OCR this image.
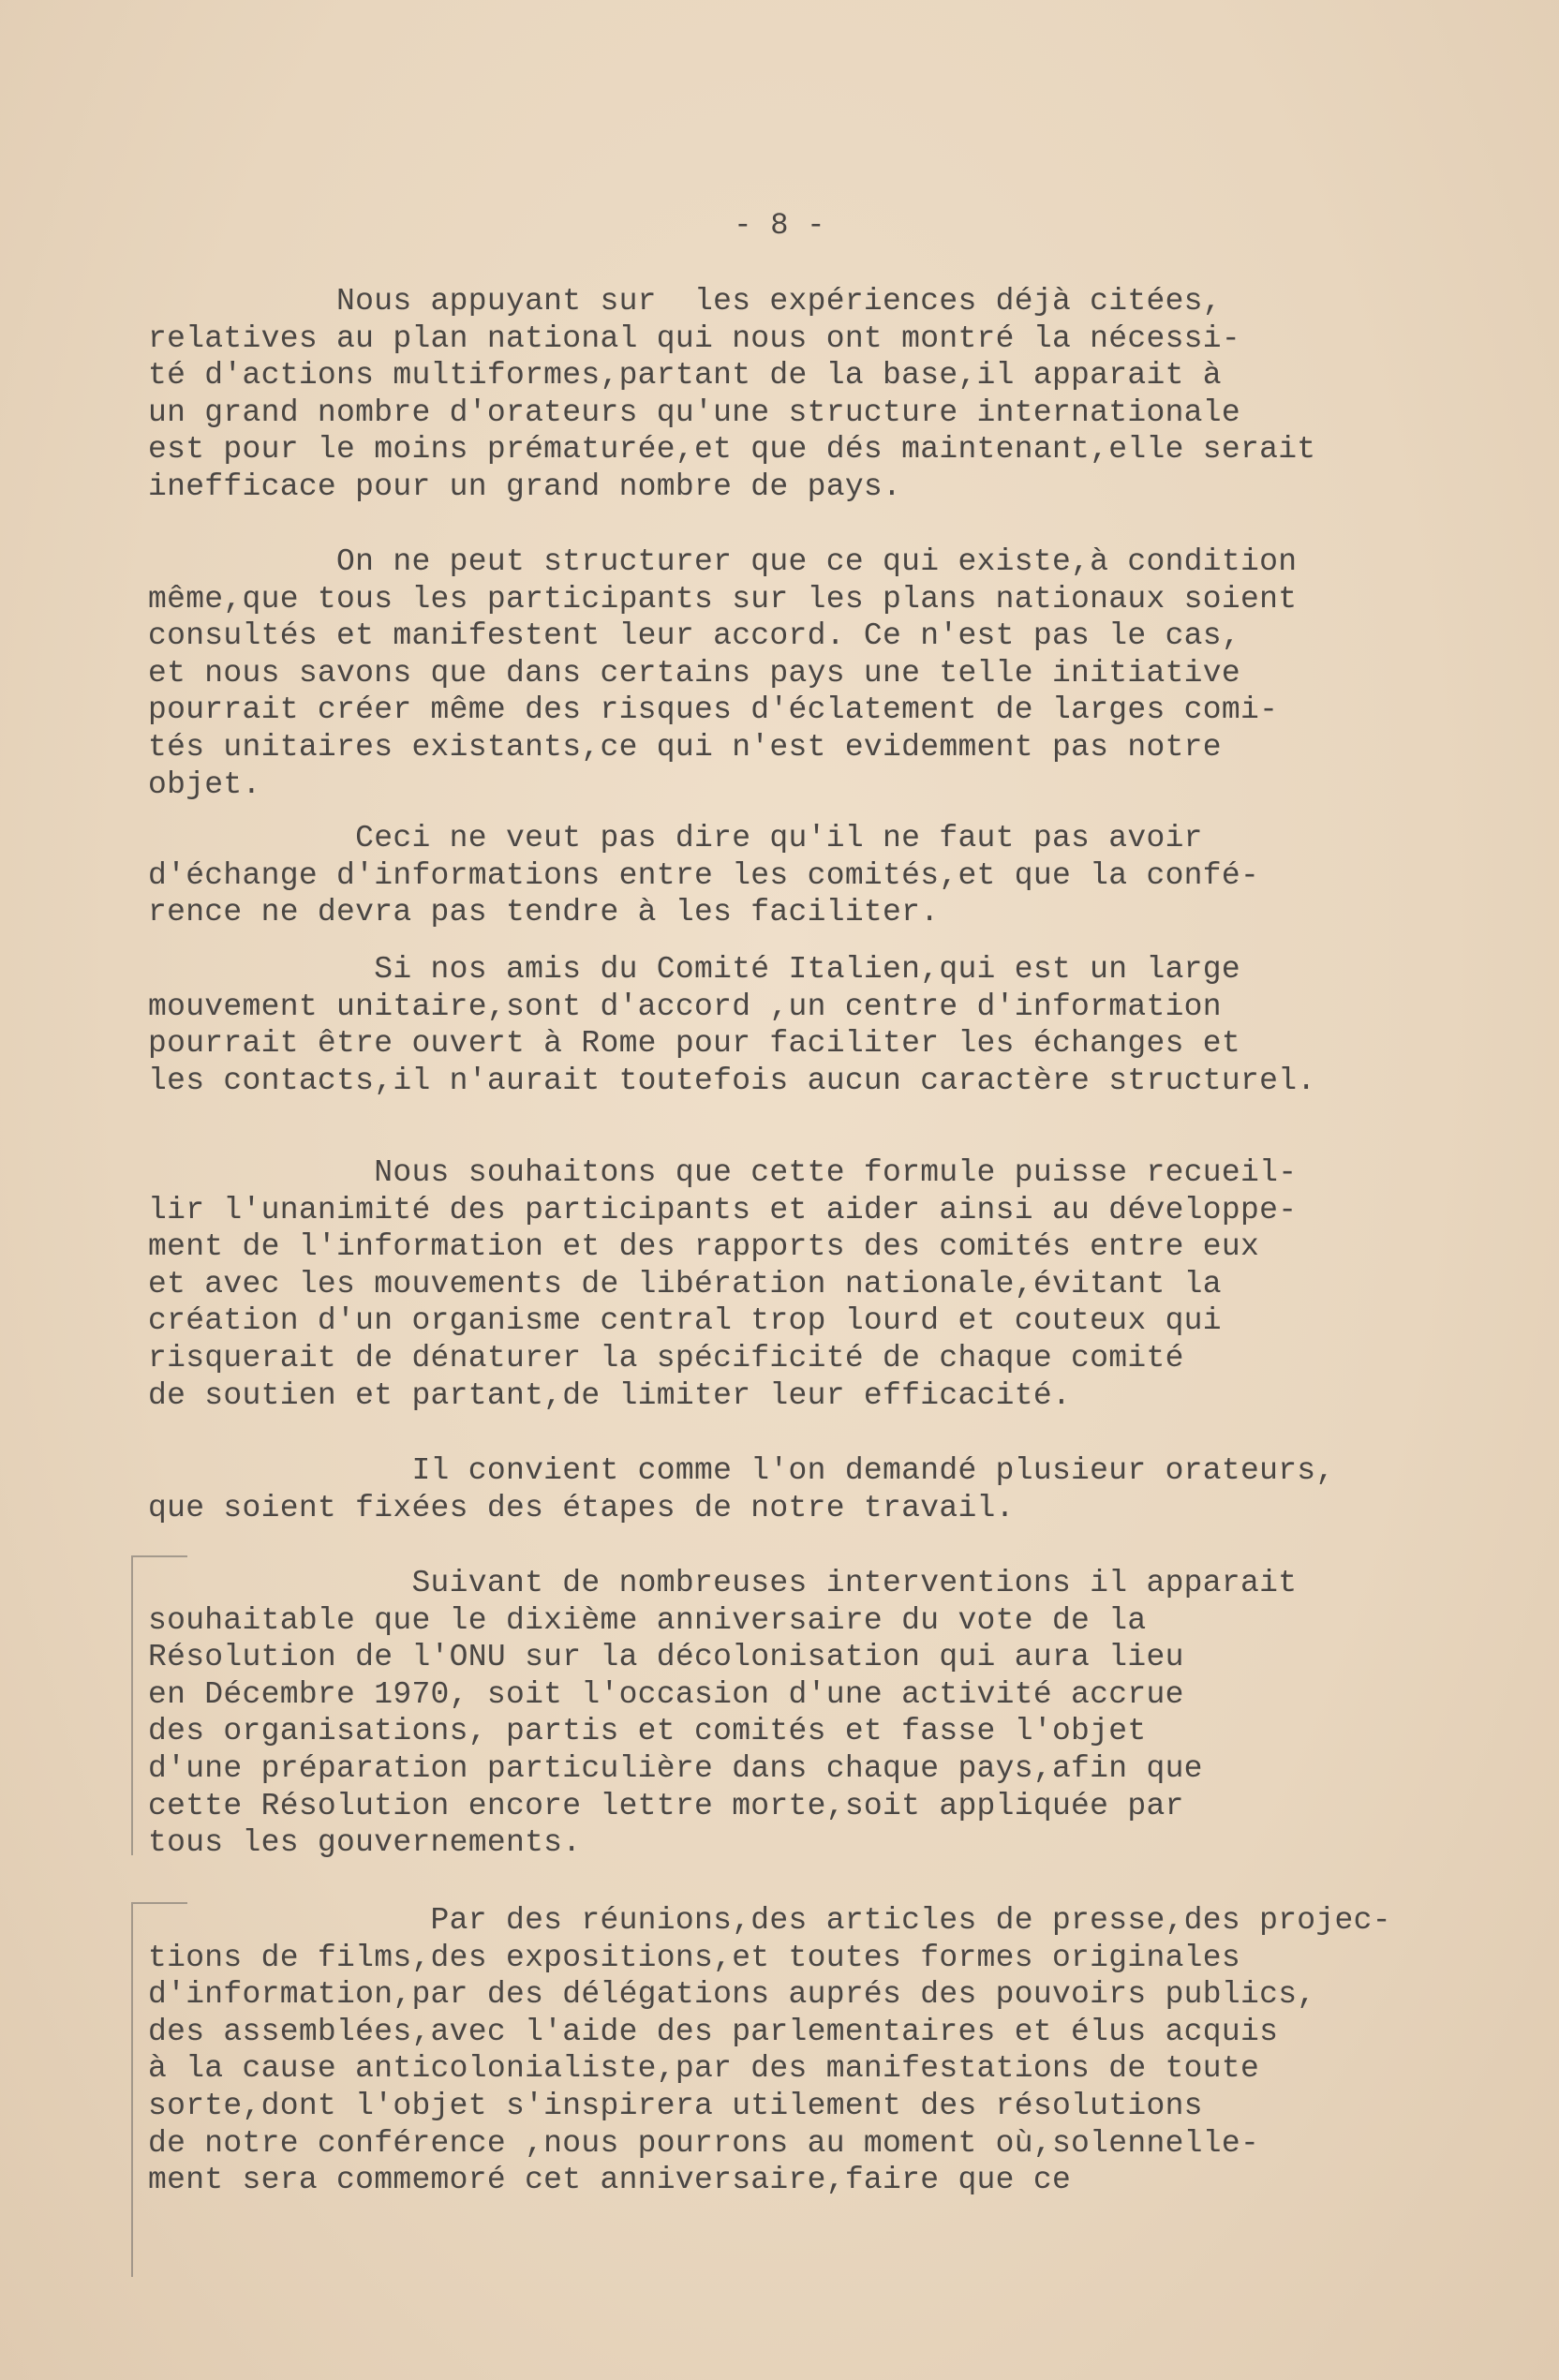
- 8 -

Nous appuyant sur  les expériences déjà citées,
relatives au plan national qui nous ont montré la nécessi-
té d'actions multiformes,partant de la base,il apparait à
un grand nombre d'orateurs qu'une structure internationale
est pour le moins prématurée,et que dés maintenant,elle serait
inefficace pour un grand nombre de pays.

On ne peut structurer que ce qui existe,à condition
même,que tous les participants sur les plans nationaux soient
consultés et manifestent leur accord. Ce n'est pas le cas,
et nous savons que dans certains pays une telle initiative
pourrait créer même des risques d'éclatement de larges comi-
tés unitaires existants,ce qui n'est evidemment pas notre
objet.

Ceci ne veut pas dire qu'il ne faut pas avoir
d'échange d'informations entre les comités,et que la confé-
rence ne devra pas tendre à les faciliter.

Si nos amis du Comité Italien,qui est un large
mouvement unitaire,sont d'accord ,un centre d'information
pourrait être ouvert à Rome pour faciliter les échanges et
les contacts,il n'aurait toutefois aucun caractère structurel.

Nous souhaitons que cette formule puisse recueil-
lir l'unanimité des participants et aider ainsi au développe-
ment de l'information et des rapports des comités entre eux
et avec les mouvements de libération nationale,évitant la
création d'un organisme central trop lourd et couteux qui
risquerait de dénaturer la spécificité de chaque comité
de soutien et partant,de limiter leur efficacité.

Il convient comme l'on demandé plusieur orateurs,
que soient fixées des étapes de notre travail.

Suivant de nombreuses interventions il apparait
souhaitable que le dixième anniversaire du vote de la
Résolution de l'ONU sur la décolonisation qui aura lieu
en Décembre 1970, soit l'occasion d'une activité accrue
des organisations, partis et comités et fasse l'objet
d'une préparation particulière dans chaque pays,afin que
cette Résolution encore lettre morte,soit appliquée par
tous les gouvernements.

Par des réunions,des articles de presse,des projec-
tions de films,des expositions,et toutes formes originales
d'information,par des délégations auprés des pouvoirs publics,
des assemblées,avec l'aide des parlementaires et élus acquis
à la cause anticolonialiste,par des manifestations de toute
sorte,dont l'objet s'inspirera utilement des résolutions
de notre conférence ,nous pourrons au moment où,solennelle-
ment sera commemoré cet anniversaire,faire que ce
